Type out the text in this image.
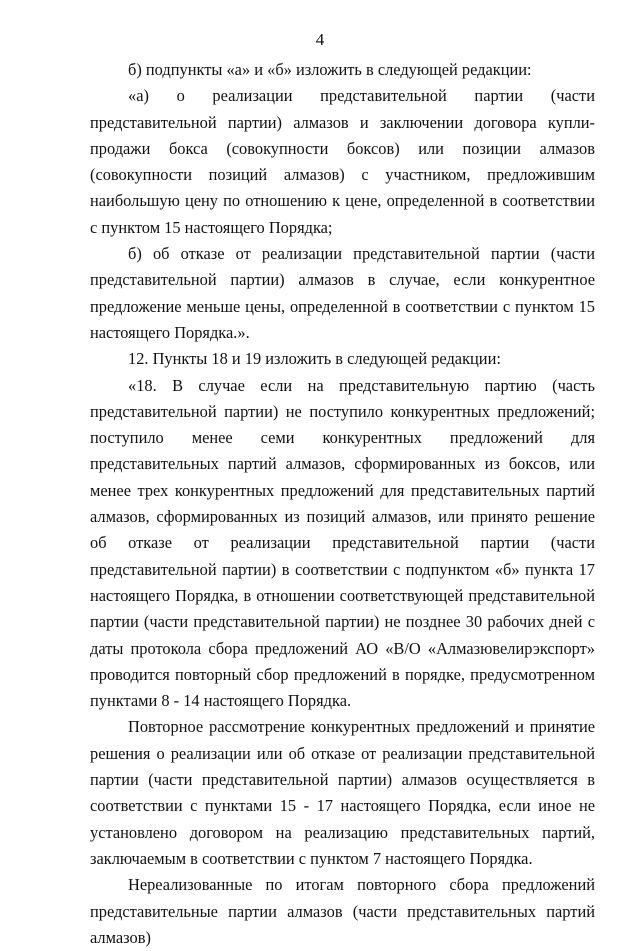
4

б) подпункты «а» и «б» изложить в следующей редакции:

«а) о реализации представительной партии (части представительной партии) алмазов и заключении договора купли-продажи бокса (совокупности боксов) или позиции алмазов (совокупности позиций алмазов) с участником, предложившим наибольшую цену по отношению к цене, определенной в соответствии с пунктом 15 настоящего Порядка;

б) об отказе от реализации представительной партии (части представительной партии) алмазов в случае, если конкурентное предложение меньше цены, определенной в соответствии с пунктом 15 настоящего Порядка.».

12. Пункты 18 и 19 изложить в следующей редакции:

«18. В случае если на представительную партию (часть представительной партии) не поступило конкурентных предложений; поступило менее семи конкурентных предложений для представительных партий алмазов, сформированных из боксов, или менее трех конкурентных предложений для представительных партий алмазов, сформированных из позиций алмазов, или принято решение об отказе от реализации представительной партии (части представительной партии) в соответствии с подпунктом «б» пункта 17 настоящего Порядка, в отношении соответствующей представительной партии (части представительной партии) не позднее 30 рабочих дней с даты протокола сбора предложений АО «В/О «Алмазювелирэкспорт» проводится повторный сбор предложений в порядке, предусмотренном пунктами 8 - 14 настоящего Порядка.

Повторное рассмотрение конкурентных предложений и принятие решения о реализации или об отказе от реализации представительной партии (части представительной партии) алмазов осуществляется в соответствии с пунктами 15 - 17 настоящего Порядка, если иное не установлено договором на реализацию представительных партий, заключаемым в соответствии с пунктом 7 настоящего Порядка.

Нереализованные по итогам повторного сбора предложений представительные партии алмазов (части представительных партий алмазов)
